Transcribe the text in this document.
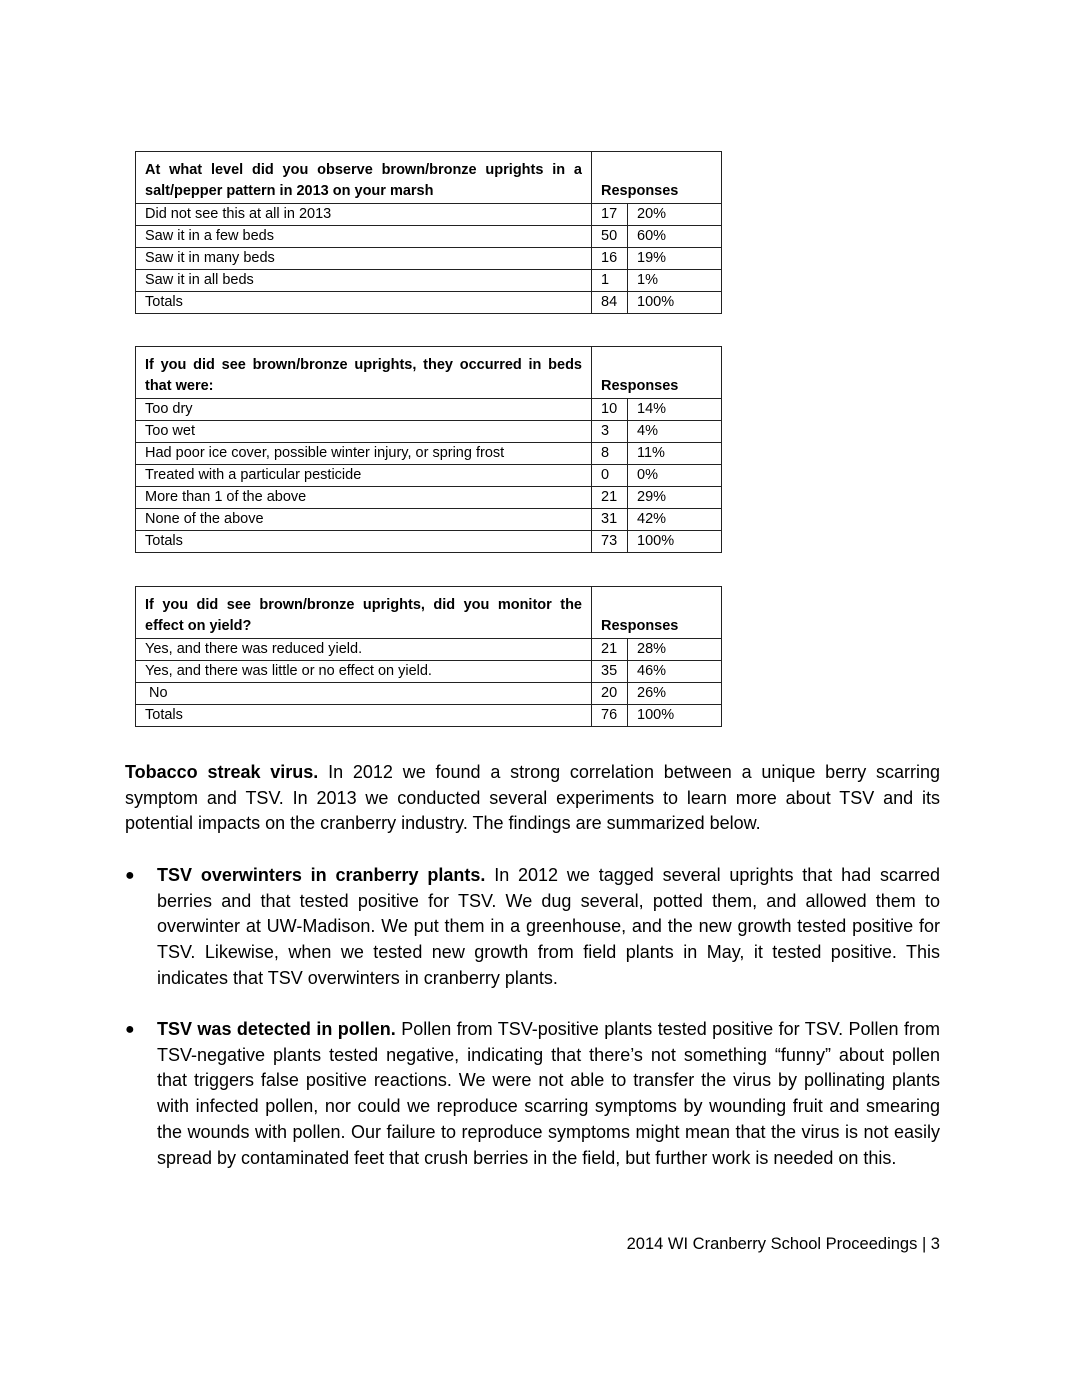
At what level did you observe brown/bronze uprights in a salt/pepper pattern in 2013 on your marsh	Responses	
Did not see this at all in 2013	17	20%
Saw it in a few beds	50	60%
Saw it in many beds	16	19%
Saw it in all beds	1	1%
Totals	84	100%
If you did see brown/bronze uprights, they occurred in beds that were:	Responses	
Too dry	10	14%
Too wet	3	4%
Had poor ice cover, possible winter injury, or spring frost	8	11%
Treated with a particular pesticide	0	0%
More than 1 of the above	21	29%
None of the above	31	42%
Totals	73	100%
If you did see brown/bronze uprights, did you monitor the effect on yield?	Responses	
Yes, and there was reduced yield.	21	28%
Yes, and there was little or no effect on yield.	35	46%
No	20	26%
Totals	76	100%

Tobacco streak virus. In 2012 we found a strong correlation between a unique berry scarring symptom and TSV. In 2013 we conducted several experiments to learn more about TSV and its potential impacts on the cranberry industry. The findings are summarized below.

●	TSV overwinters in cranberry plants. In 2012 we tagged several uprights that had scarred berries and that tested positive for TSV. We dug several, potted them, and allowed them to overwinter at UW-Madison. We put them in a greenhouse, and the new growth tested positive for TSV. Likewise, when we tested new growth from field plants in May, it tested positive. This indicates that TSV overwinters in cranberry plants.
●	TSV was detected in pollen. Pollen from TSV-positive plants tested positive for TSV. Pollen from TSV-negative plants tested negative, indicating that there’s not something “funny” about pollen that triggers false positive reactions. We were not able to transfer the virus by pollinating plants with infected pollen, nor could we reproduce scarring symptoms by wounding fruit and smearing the wounds with pollen. Our failure to reproduce symptoms might mean that the virus is not easily spread by contaminated feet that crush berries in the field, but further work is needed on this.
2014 WI Cranberry School Proceedings | 3
